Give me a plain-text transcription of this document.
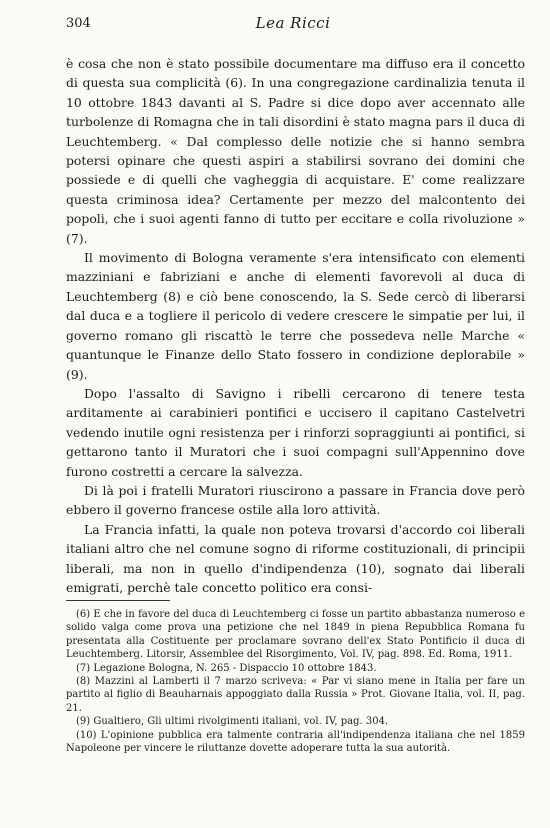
304	Lea Ricci

è cosa che non è stato possibile documentare ma diffuso era il concetto di questa sua complicità (6). In una congregazione cardinalizia tenuta il 10 ottobre 1843 davanti al S. Padre si dice dopo aver accennato alle turbolenze di Romagna che in tali disordini è stato magna pars il duca di Leuchtemberg. « Dal complesso delle notizie che si hanno sembra potersi opinare che questi aspiri a stabilirsi sovrano dei domini che possiede e di quelli che vagheggia di acquistare. E' come realizzare questa criminosa idea? Certamente per mezzo del malcontento dei popoli, che i suoi agenti fanno di tutto per eccitare e colla rivoluzione » (7).

Il movimento di Bologna veramente s'era intensificato con elementi mazziniani e fabriziani e anche di elementi favorevoli al duca di Leuchtemberg (8) e ciò bene conoscendo, la S. Sede cercò di liberarsi dal duca e a togliere il pericolo di vedere crescere le simpatie per lui, il governo romano gli riscattò le terre che possedeva nelle Marche « quantunque le Finanze dello Stato fossero in condizione deplorabile » (9).

Dopo l'assalto di Savigno i ribelli cercarono di tenere testa arditamente ai carabinieri pontifici e uccisero il capitano Castelvetri vedendo inutile ogni resistenza per i rinforzi sopraggiunti ai pontifici, si gettarono tanto il Muratori che i suoi compagni sull'Appennino dove furono costretti a cercare la salvezza.

Di là poi i fratelli Muratori riuscirono a passare in Francia dove però ebbero il governo francese ostile alla loro attività.

La Francia infatti, la quale non poteva trovarsi d'accordo coi liberali italiani altro che nel comune sogno di riforme costituzionali, di principii liberali, ma non in quello d'indipendenza (10), sognato dai liberali emigrati, perchè tale concetto politico era consi-

(6) E che in favore del duca di Leuchtemberg ci fosse un partito abbastanza numeroso e solido valga come prova una petizione che nel 1849 in piena Repubblica Romana fu presentata alla Costituente per proclamare sovrano dell'ex Stato Pontificio il duca di Leuchtemberg. Litorsir, Assemblee del Risorgimento, Vol. IV, pag. 898. Ed. Roma, 1911.

(7) Legazione Bologna, N. 265 - Dispaccio 10 ottobre 1843.

(8) Mazzini al Lamberti il 7 marzo scriveva: « Par vi siano mene in Italia per fare un partito al figlio di Beauharnais appoggiato dalla Russia » Prot. Giovane Italia, vol. II, pag. 21.

(9) Gualtiero, Gli ultimi rivolgimenti italiani, vol. IV, pag. 304.

(10) L'opinione pubblica era talmente contraria all'indipendenza italiana che nel 1859 Napoleone per vincere le riluttanze dovette adoperare tutta la sua autorità.
